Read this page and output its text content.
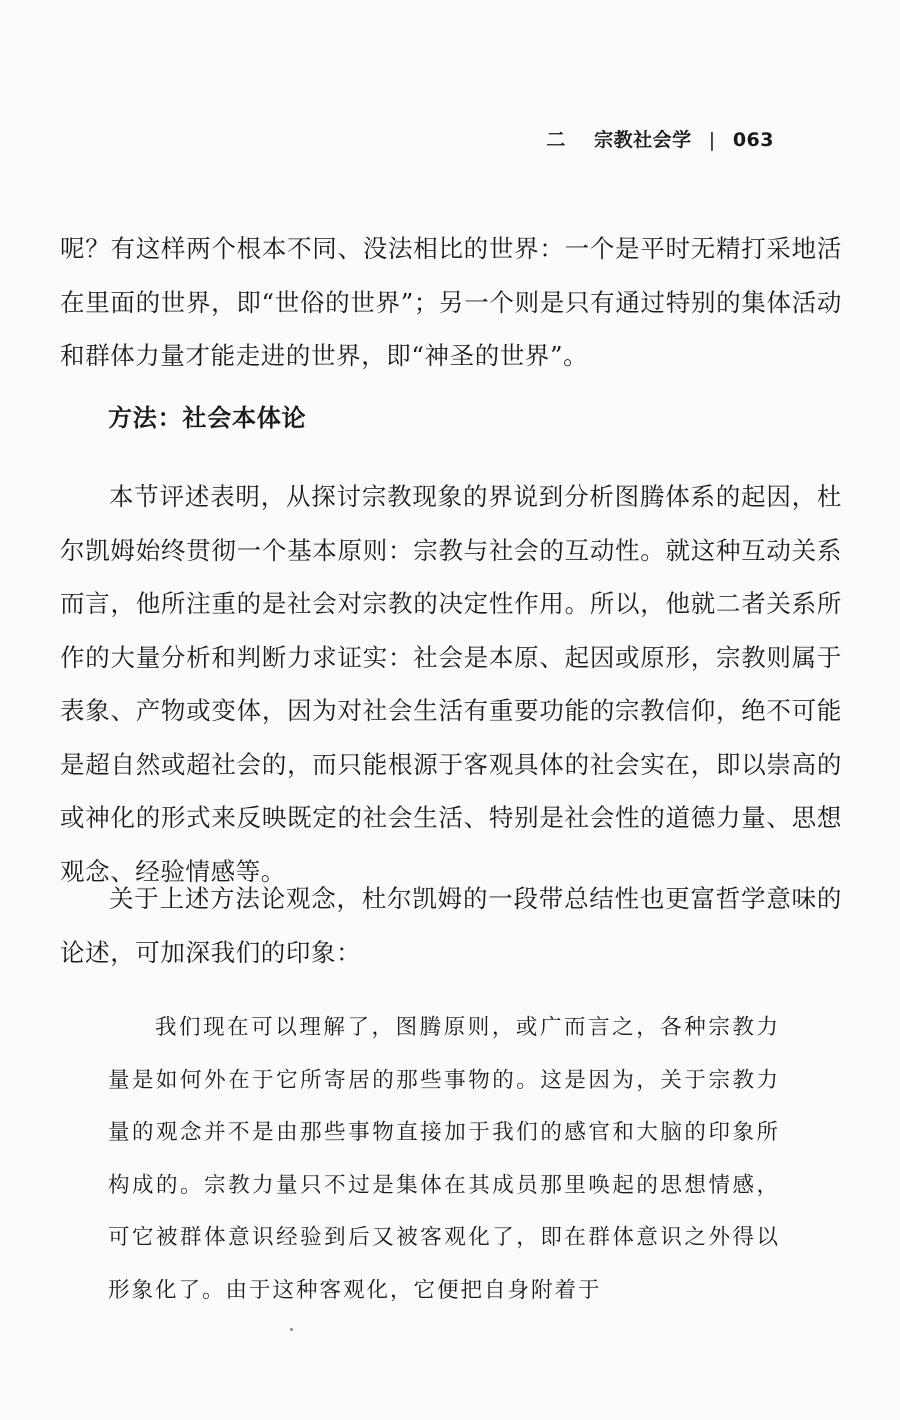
二 宗教社会学 | 063

呢？有这样两个根本不同、没法相比的世界：一个是平时无精打采地活在里面的世界，即“世俗的世界”；另一个则是只有通过特别的集体活动和群体力量才能走进的世界，即“神圣的世界”。

方法：社会本体论

本节评述表明，从探讨宗教现象的界说到分析图腾体系的起因，杜尔凯姆始终贯彻一个基本原则：宗教与社会的互动性。就这种互动关系而言，他所注重的是社会对宗教的决定性作用。所以，他就二者关系所作的大量分析和判断力求证实：社会是本原、起因或原形，宗教则属于表象、产物或变体，因为对社会生活有重要功能的宗教信仰，绝不可能是超自然或超社会的，而只能根源于客观具体的社会实在，即以崇高的或神化的形式来反映既定的社会生活、特别是社会性的道德力量、思想观念、经验情感等。

关于上述方法论观念，杜尔凯姆的一段带总结性也更富哲学意味的论述，可加深我们的印象：

我们现在可以理解了，图腾原则，或广而言之，各种宗教力量是如何外在于它所寄居的那些事物的。这是因为，关于宗教力量的观念并不是由那些事物直接加于我们的感官和大脑的印象所构成的。宗教力量只不过是集体在其成员那里唤起的思想情感，可它被群体意识经验到后又被客观化了，即在群体意识之外得以形象化了。由于这种客观化，它便把自身附着于
